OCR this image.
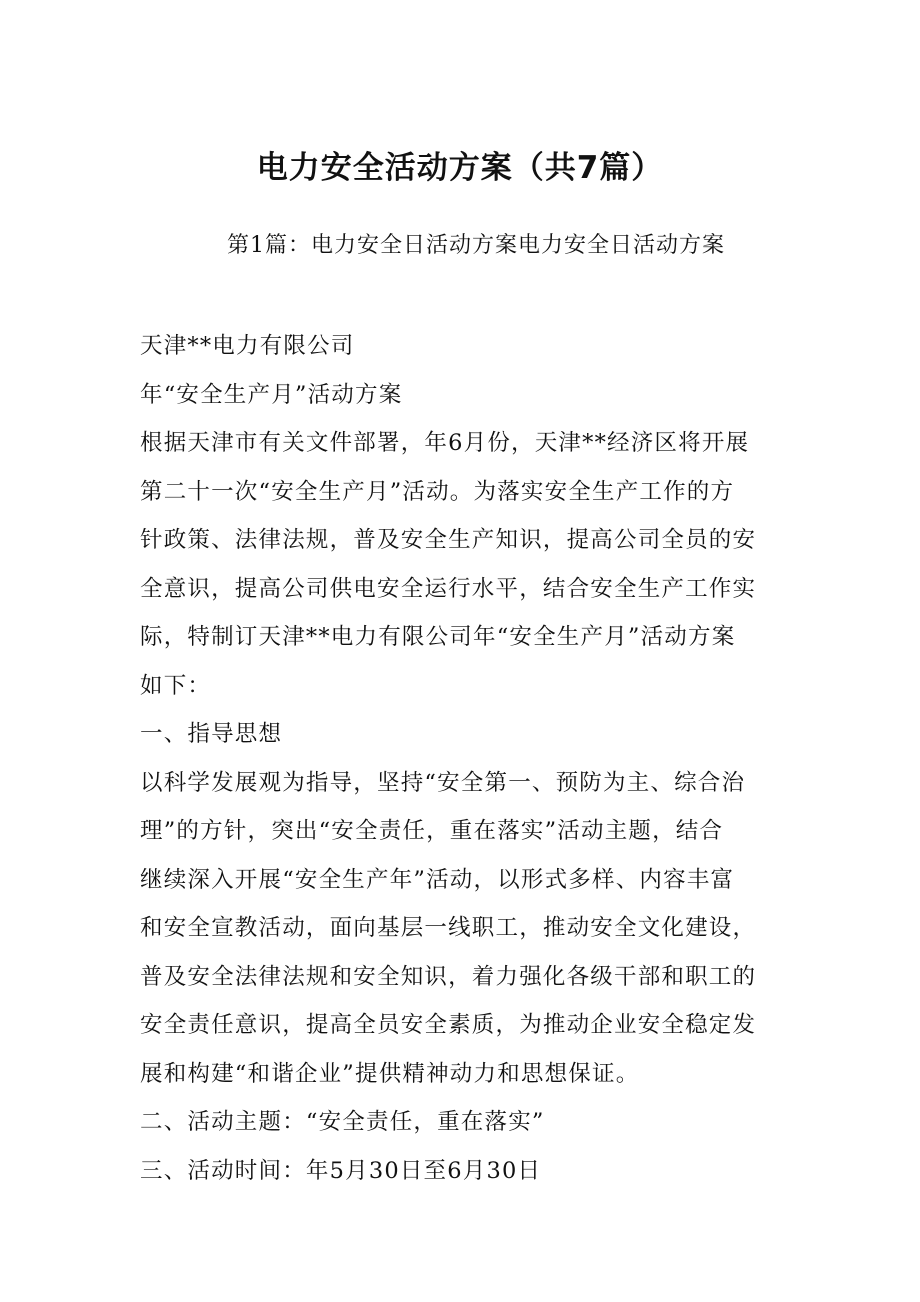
电力安全活动方案（共7篇）

第1篇：电力安全日活动方案电力安全日活动方案

天津**电力有限公司

年“安全生产月”活动方案

根据天津市有关文件部署，年6月份，天津**经济区将开展

第二十一次“安全生产月”活动。为落实安全生产工作的方

针政策、法律法规，普及安全生产知识，提高公司全员的安

全意识，提高公司供电安全运行水平，结合安全生产工作实

际，特制订天津**电力有限公司年“安全生产月”活动方案

如下：

一、指导思想

以科学发展观为指导，坚持“安全第一、预防为主、综合治

理”的方针，突出“安全责任，重在落实”活动主题，结合

继续深入开展“安全生产年”活动，以形式多样、内容丰富

和安全宣教活动，面向基层一线职工，推动安全文化建设，

普及安全法律法规和安全知识，着力强化各级干部和职工的

安全责任意识，提高全员安全素质，为推动企业安全稳定发

展和构建“和谐企业”提供精神动力和思想保证。

二、活动主题：“安全责任，重在落实”

三、活动时间：年5月30日至6月30日
